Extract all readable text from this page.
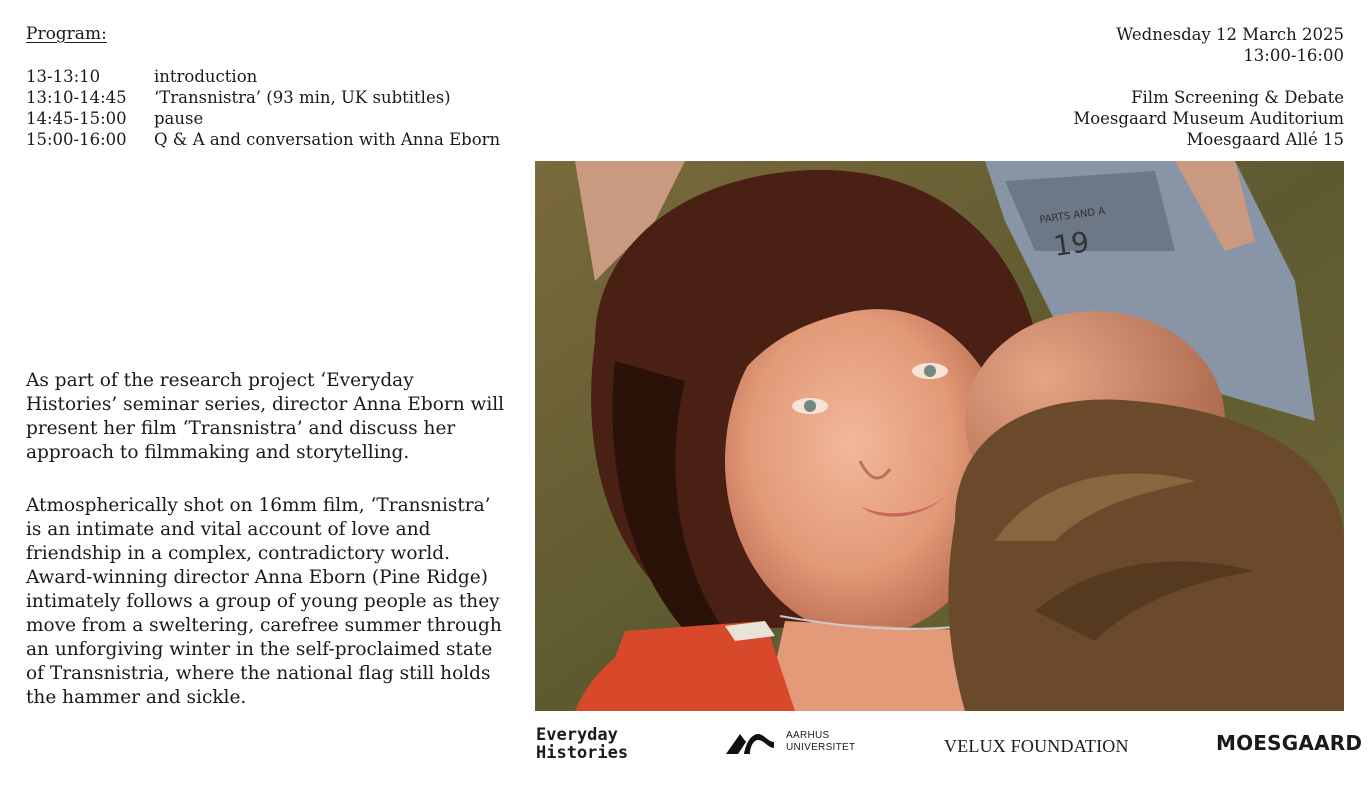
Program:
13-13:10	introduction
13:10-14:45	‘Transnistra’ (93 min, UK subtitles)
14:45-15:00	pause
15:00-16:00	Q & A and conversation with Anna Eborn
Wednesday 12 March 2025
13:00-16:00
Film Screening & Debate
Moesgaard Museum Auditorium
Moesgaard Allé 15
As part of the research project ‘Everyday Histories’ seminar series, director Anna Eborn will present her film ‘Transnistra’ and discuss her approach to filmmaking and storytelling.
Atmospherically shot on 16mm film, ‘Transnistra’ is an intimate and vital account of love and friendship in a complex, contradictory world. Award-winning director Anna Eborn (Pine Ridge) intimately follows a group of young people as they move from a sweltering, carefree summer through an unforgiving winter in the self-proclaimed state of Transnistria, where the national flag still holds the hammer and sickle.
PARTS AND A
19
Everyday
Histories
AARHUS
UNIVERSITET	VELUX FOUNDATION	MOESGAARD
